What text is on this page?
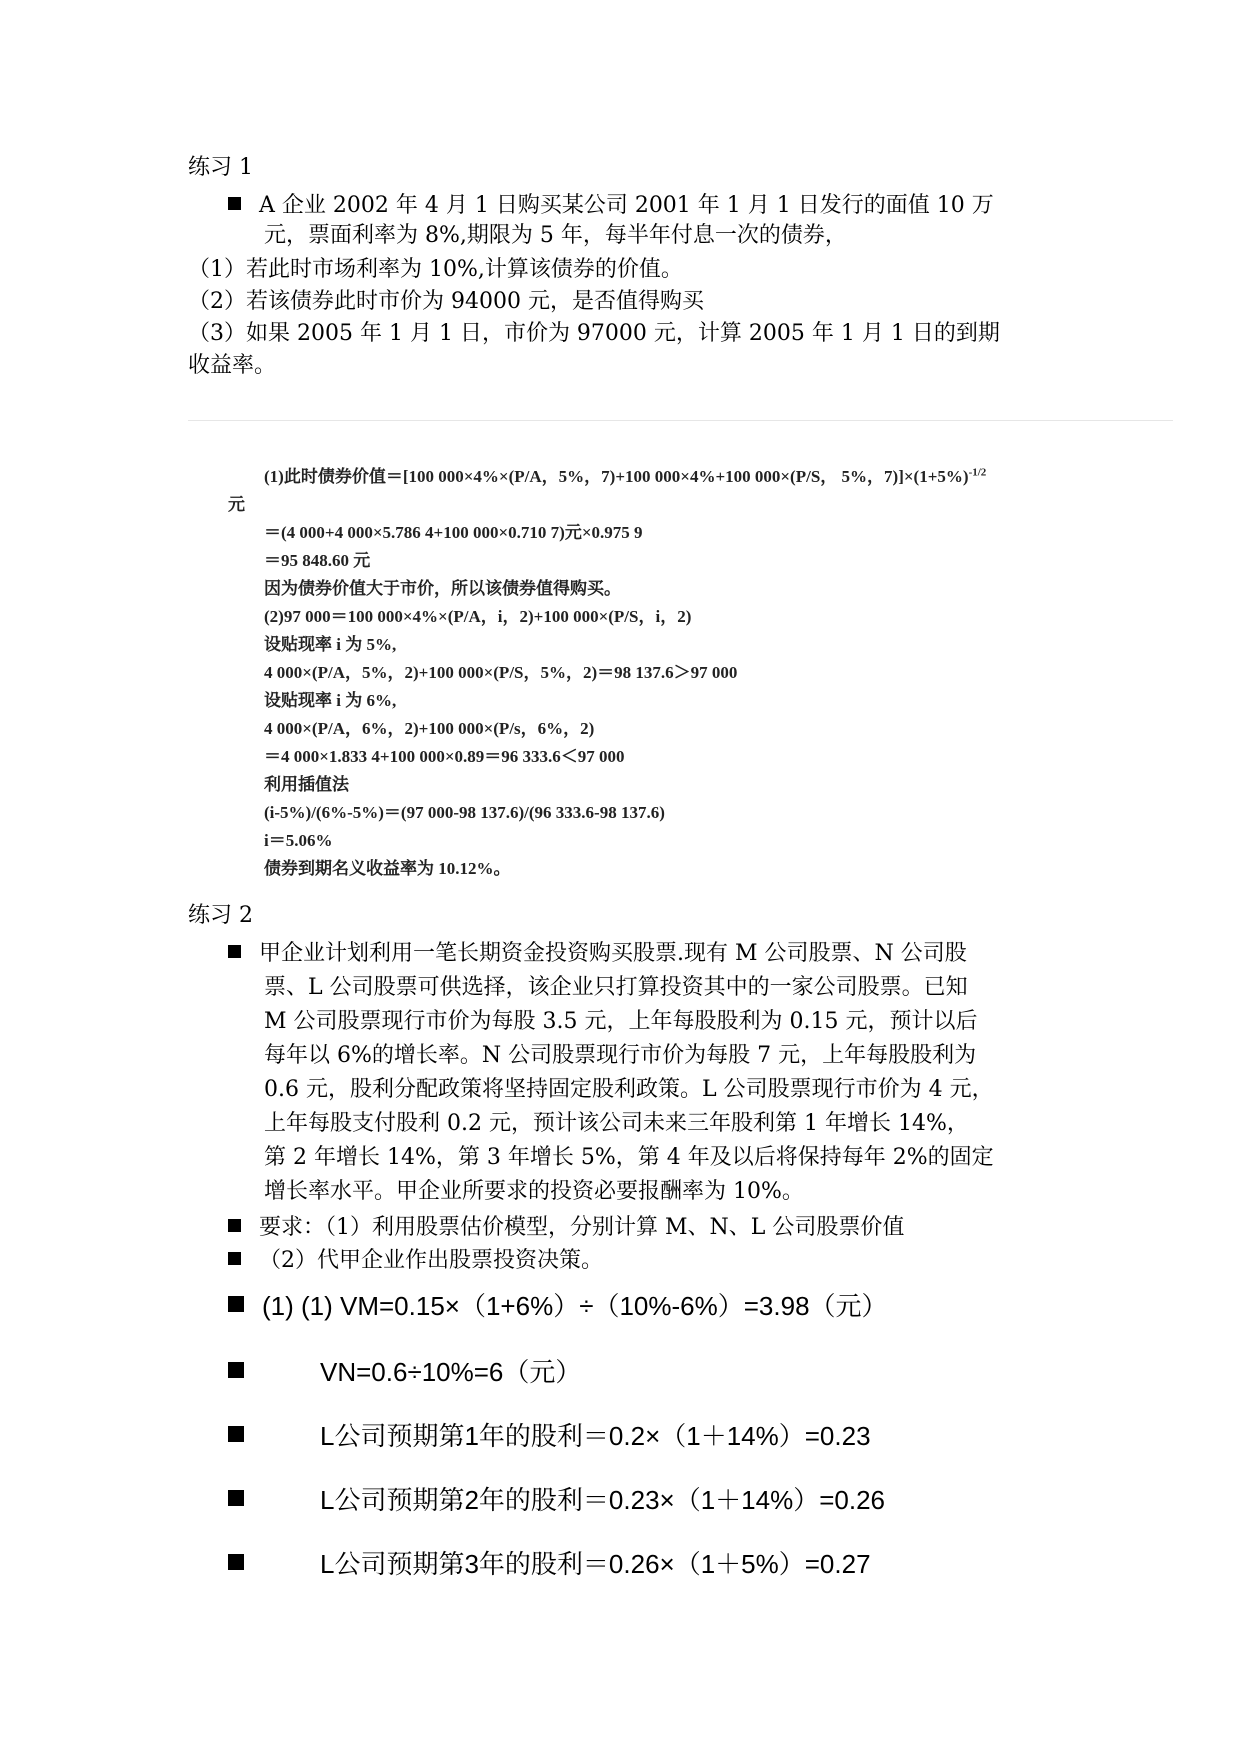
练习 1
A 企业 2002 年 4 月 1 日购买某公司 2001 年 1 月 1 日发行的面值 10 万
元，票面利率为 8%,期限为 5 年，每半年付息一次的债券，
（1）若此时市场利率为 10%,计算该债券的价值。
（2）若该债券此时市价为 94000 元，是否值得购买
（3）如果 2005 年 1 月 1 日，市价为 97000 元，计算 2005 年 1 月 1 日的到期
收益率。
(1)此时债券价值＝[100 000×4%×(P/A，5%，7)+100 000×4%+100 000×(P/S， 5%，$7)]\times(1+5\%)^{-1/2}$
元
＝(4 000+4 000×5.786 4+100 000×0.710 7)元×0.975 9
＝95 848.60 元
因为债券价值大于市价，所以该债券值得购买。
(2)97 000＝100 000×4%×(P/A，i，2)+100 000×(P/S，i，2)
设贴现率 i 为 5%,
4 000×(P/A，5%，2)+100 000×(P/S，5%，2)＝98 137.6＞97 000
设贴现率 i 为 6%,
4 000×(P/A，6%，2)+100 000×(P/s，6%，2)
＝4 000×1.833 4+100 000×0.89＝96 333.6＜97 000
利用插值法
(i-5%)/(6%-5%)＝(97 000-98 137.6)/(96 333.6-98 137.6)
i＝5.06%
债券到期名义收益率为 10.12%。
练习 2
甲企业计划利用一笔长期资金投资购买股票.现有 M 公司股票、N 公司股
票、L 公司股票可供选择，该企业只打算投资其中的一家公司股票。已知
M 公司股票现行市价为每股 3.5 元，上年每股股利为 0.15 元，预计以后
每年以 6%的增长率。N 公司股票现行市价为每股 7 元，上年每股股利为
0.6 元，股利分配政策将坚持固定股利政策。L 公司股票现行市价为 4 元，
上年每股支付股利 0.2 元，预计该公司未来三年股利第 1 年增长 14%，
第 2 年增长 14%，第 3 年增长 5%，第 4 年及以后将保持每年 2%的固定
增长率水平。甲企业所要求的投资必要报酬率为 10%。
要求：（1）利用股票估价模型，分别计算 M、N、L 公司股票价值
（2）代甲企业作出股票投资决策。
(1) (1) VM=0.15×（1+6%）÷（10%-6%）=3.98（元）
VN=0.6÷10%=6（元）
L公司预期第1年的股利＝0.2×（1＋14%）=0.23
L公司预期第2年的股利＝0.23×（1＋14%）=0.26
L公司预期第3年的股利＝0.26×（1＋5%）=0.27
